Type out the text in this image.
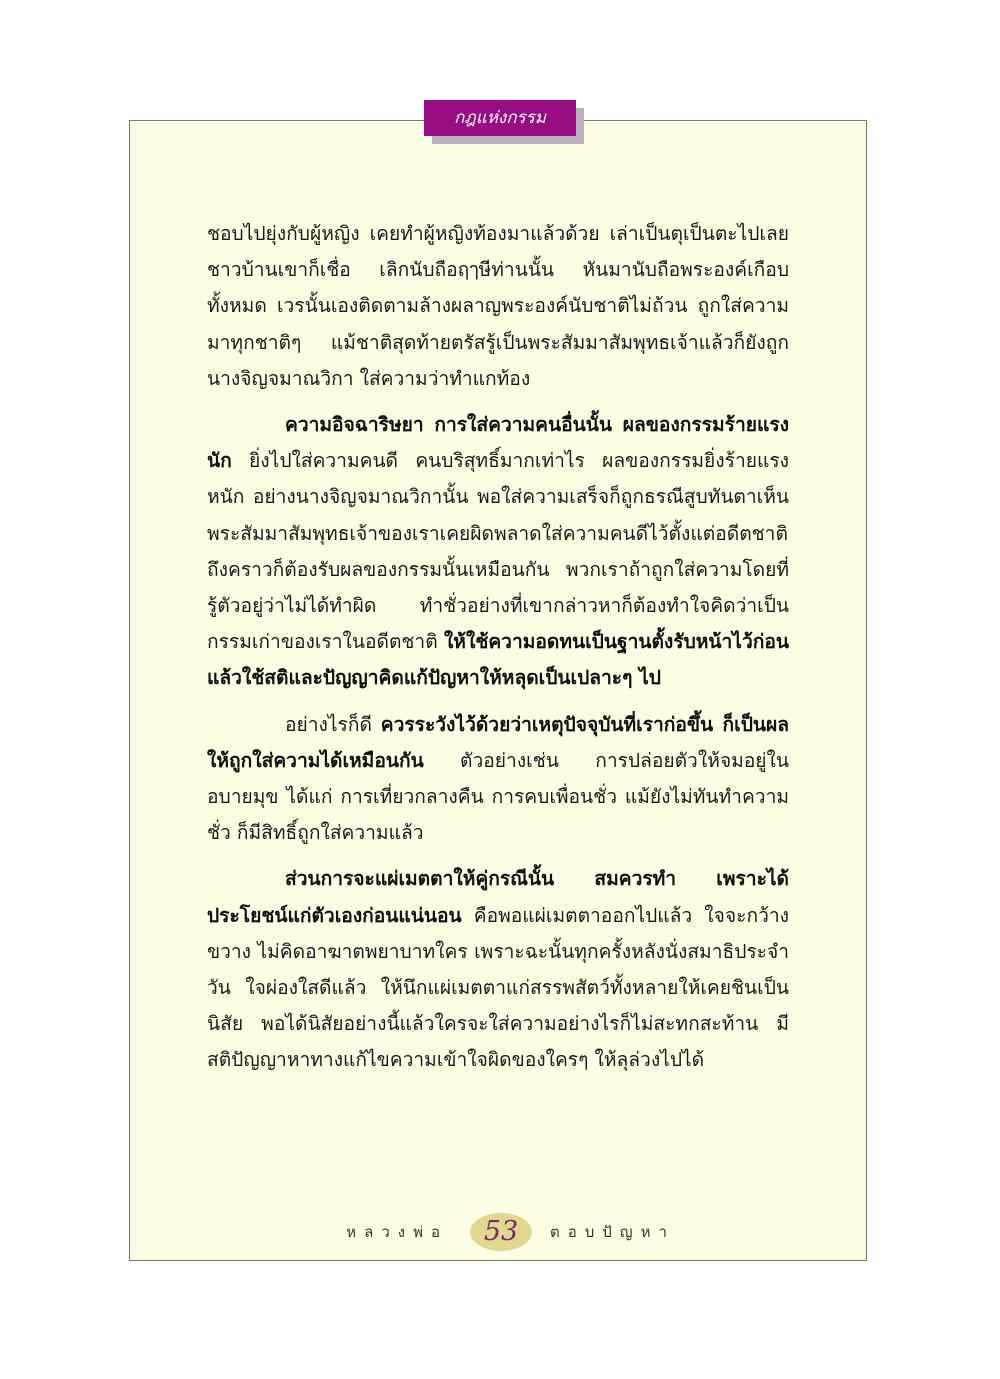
กฎแห่งกรรม

ชอบไปยุ่งกับผู้หญิง เคยทำผู้หญิงท้องมาแล้วด้วย เล่าเป็นตุเป็นตะไปเลย ชาวบ้านเขาก็เชื่อ เลิกนับถือฤๅษีท่านนั้น หันมานับถือพระองค์เกือบทั้งหมด เวรนั้นเองติดตามล้างผลาญพระองค์นับชาติไม่ถ้วน ถูกใส่ความมาทุกชาติๆ แม้ชาติสุดท้ายตรัสรู้เป็นพระสัมมาสัมพุทธเจ้าแล้วก็ยังถูกนางจิญจมาณวิกา ใส่ความว่าทำแกท้อง

ความอิจฉาริษยา การใส่ความคนอื่นนั้น ผลของกรรมร้ายแรงนัก ยิ่งไปใส่ความคนดี คนบริสุทธิ์มากเท่าไร ผลของกรรมยิ่งร้ายแรงหนัก อย่างนางจิญจมาณวิกานั้น พอใส่ความเสร็จก็ถูกธรณีสูบทันตาเห็น พระสัมมาสัมพุทธเจ้าของเราเคยผิดพลาดใส่ความคนดีไว้ตั้งแต่อดีตชาติ ถึงคราวก็ต้องรับผลของกรรมนั้นเหมือนกัน พวกเราถ้าถูกใส่ความโดยที่รู้ตัวอยู่ว่าไม่ได้ทำผิด ทำชั่วอย่างที่เขากล่าวหาก็ต้องทำใจคิดว่าเป็นกรรมเก่าของเราในอดีตชาติ ให้ใช้ความอดทนเป็นฐานตั้งรับหน้าไว้ก่อน แล้วใช้สติและปัญญาคิดแก้ปัญหาให้หลุดเป็นเปลาะๆ ไป

อย่างไรก็ดี ควรระวังไว้ด้วยว่าเหตุปัจจุบันที่เราก่อขึ้น ก็เป็นผลให้ถูกใส่ความได้เหมือนกัน ตัวอย่างเช่น การปล่อยตัวให้จมอยู่ในอบายมุข ได้แก่ การเที่ยวกลางคืน การคบเพื่อนชั่ว แม้ยังไม่ทันทำความชั่ว ก็มีสิทธิ์ถูกใส่ความแล้ว

ส่วนการจะแผ่เมตตาให้คู่กรณีนั้น สมควรทำ เพราะได้ประโยชน์แก่ตัวเองก่อนแน่นอน คือพอแผ่เมตตาออกไปแล้ว ใจจะกว้างขวาง ไม่คิดอาฆาตพยาบาทใคร เพราะฉะนั้นทุกครั้งหลังนั่งสมาธิประจำวัน ใจผ่องใสดีแล้ว ให้นึกแผ่เมตตาแก่สรรพสัตว์ทั้งหลายให้เคยชินเป็นนิสัย พอได้นิสัยอย่างนี้แล้วใครจะใส่ความอย่างไรก็ไม่สะทกสะท้าน มีสติปัญญาหาทางแก้ไขความเข้าใจผิดของใครๆ ให้ลุล่วงไปได้

หลวงพ่อ	53	ตอบปัญหา
